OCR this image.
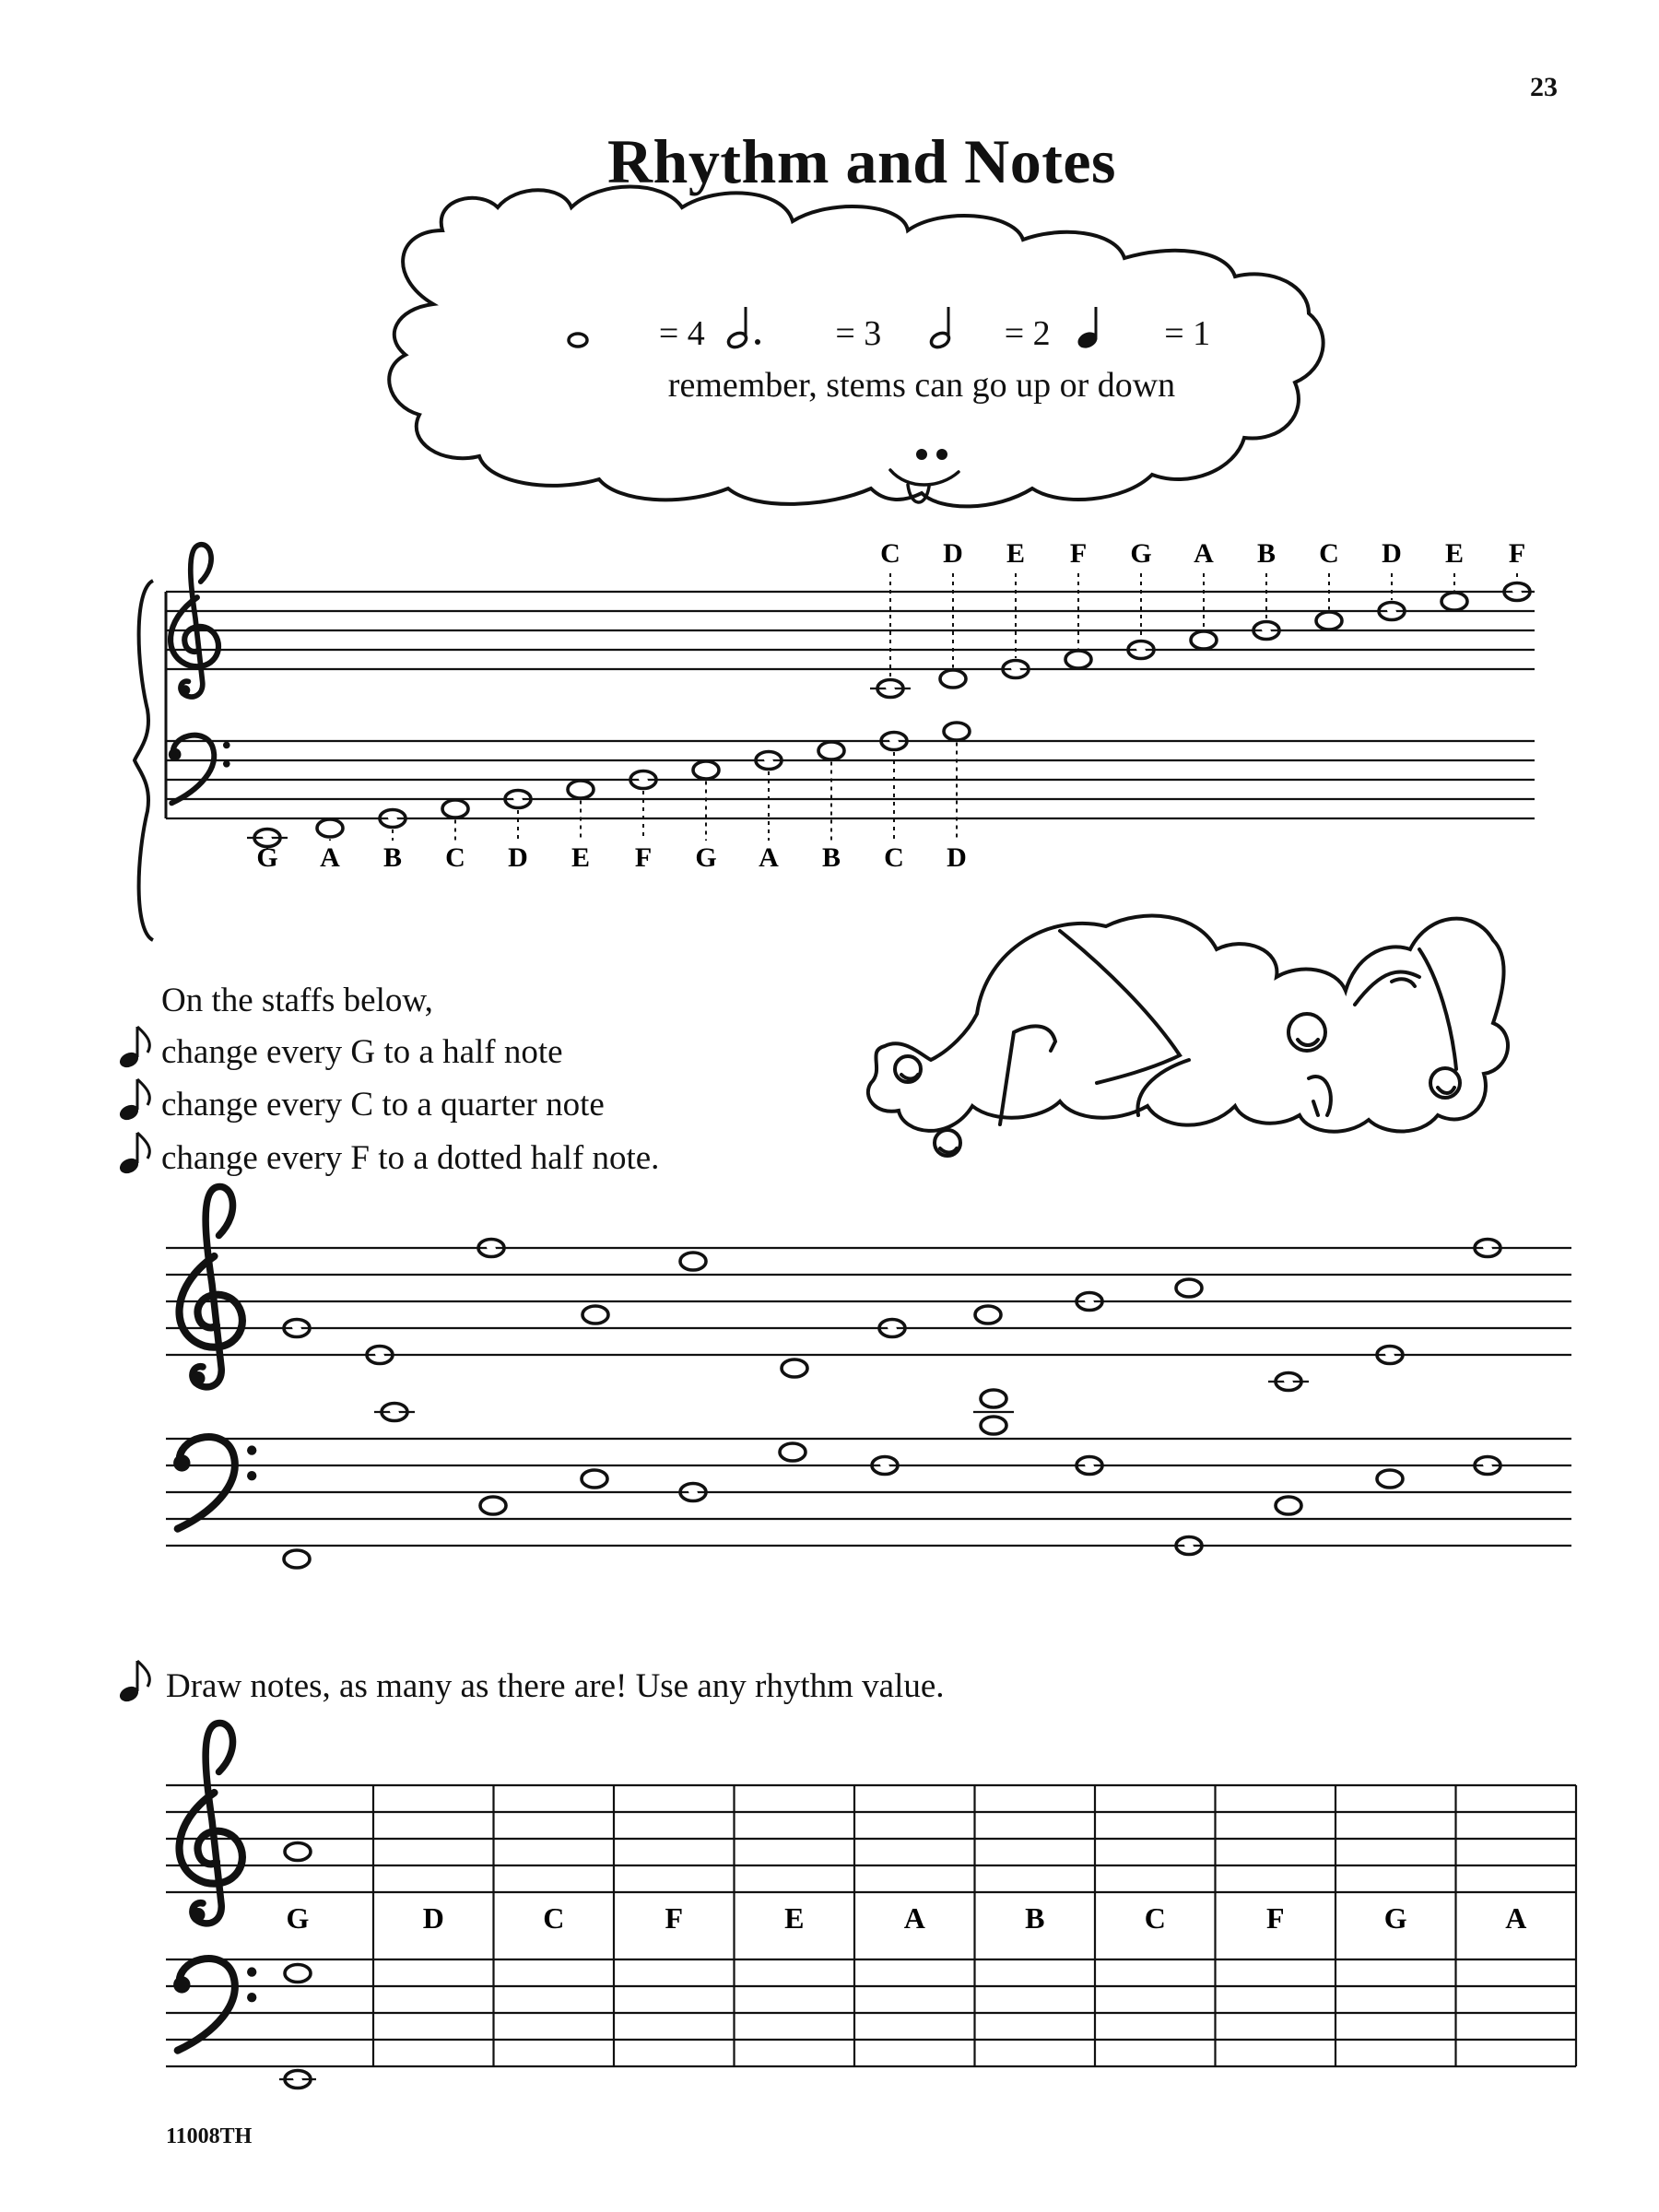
23
Rhythm and Notes
G A B C D E F G A B C D
C D E F G A B C D E F
G	D	C	F	E	A	B	C	F	G	A
= 4	= 3	= 2	= 1
remember, stems can go up or down
On the staffs below,
change every G to a half note
change every C to a quarter note
change every F to a dotted half note.
Draw notes, as many as there are! Use any rhythm value.
11008TH
